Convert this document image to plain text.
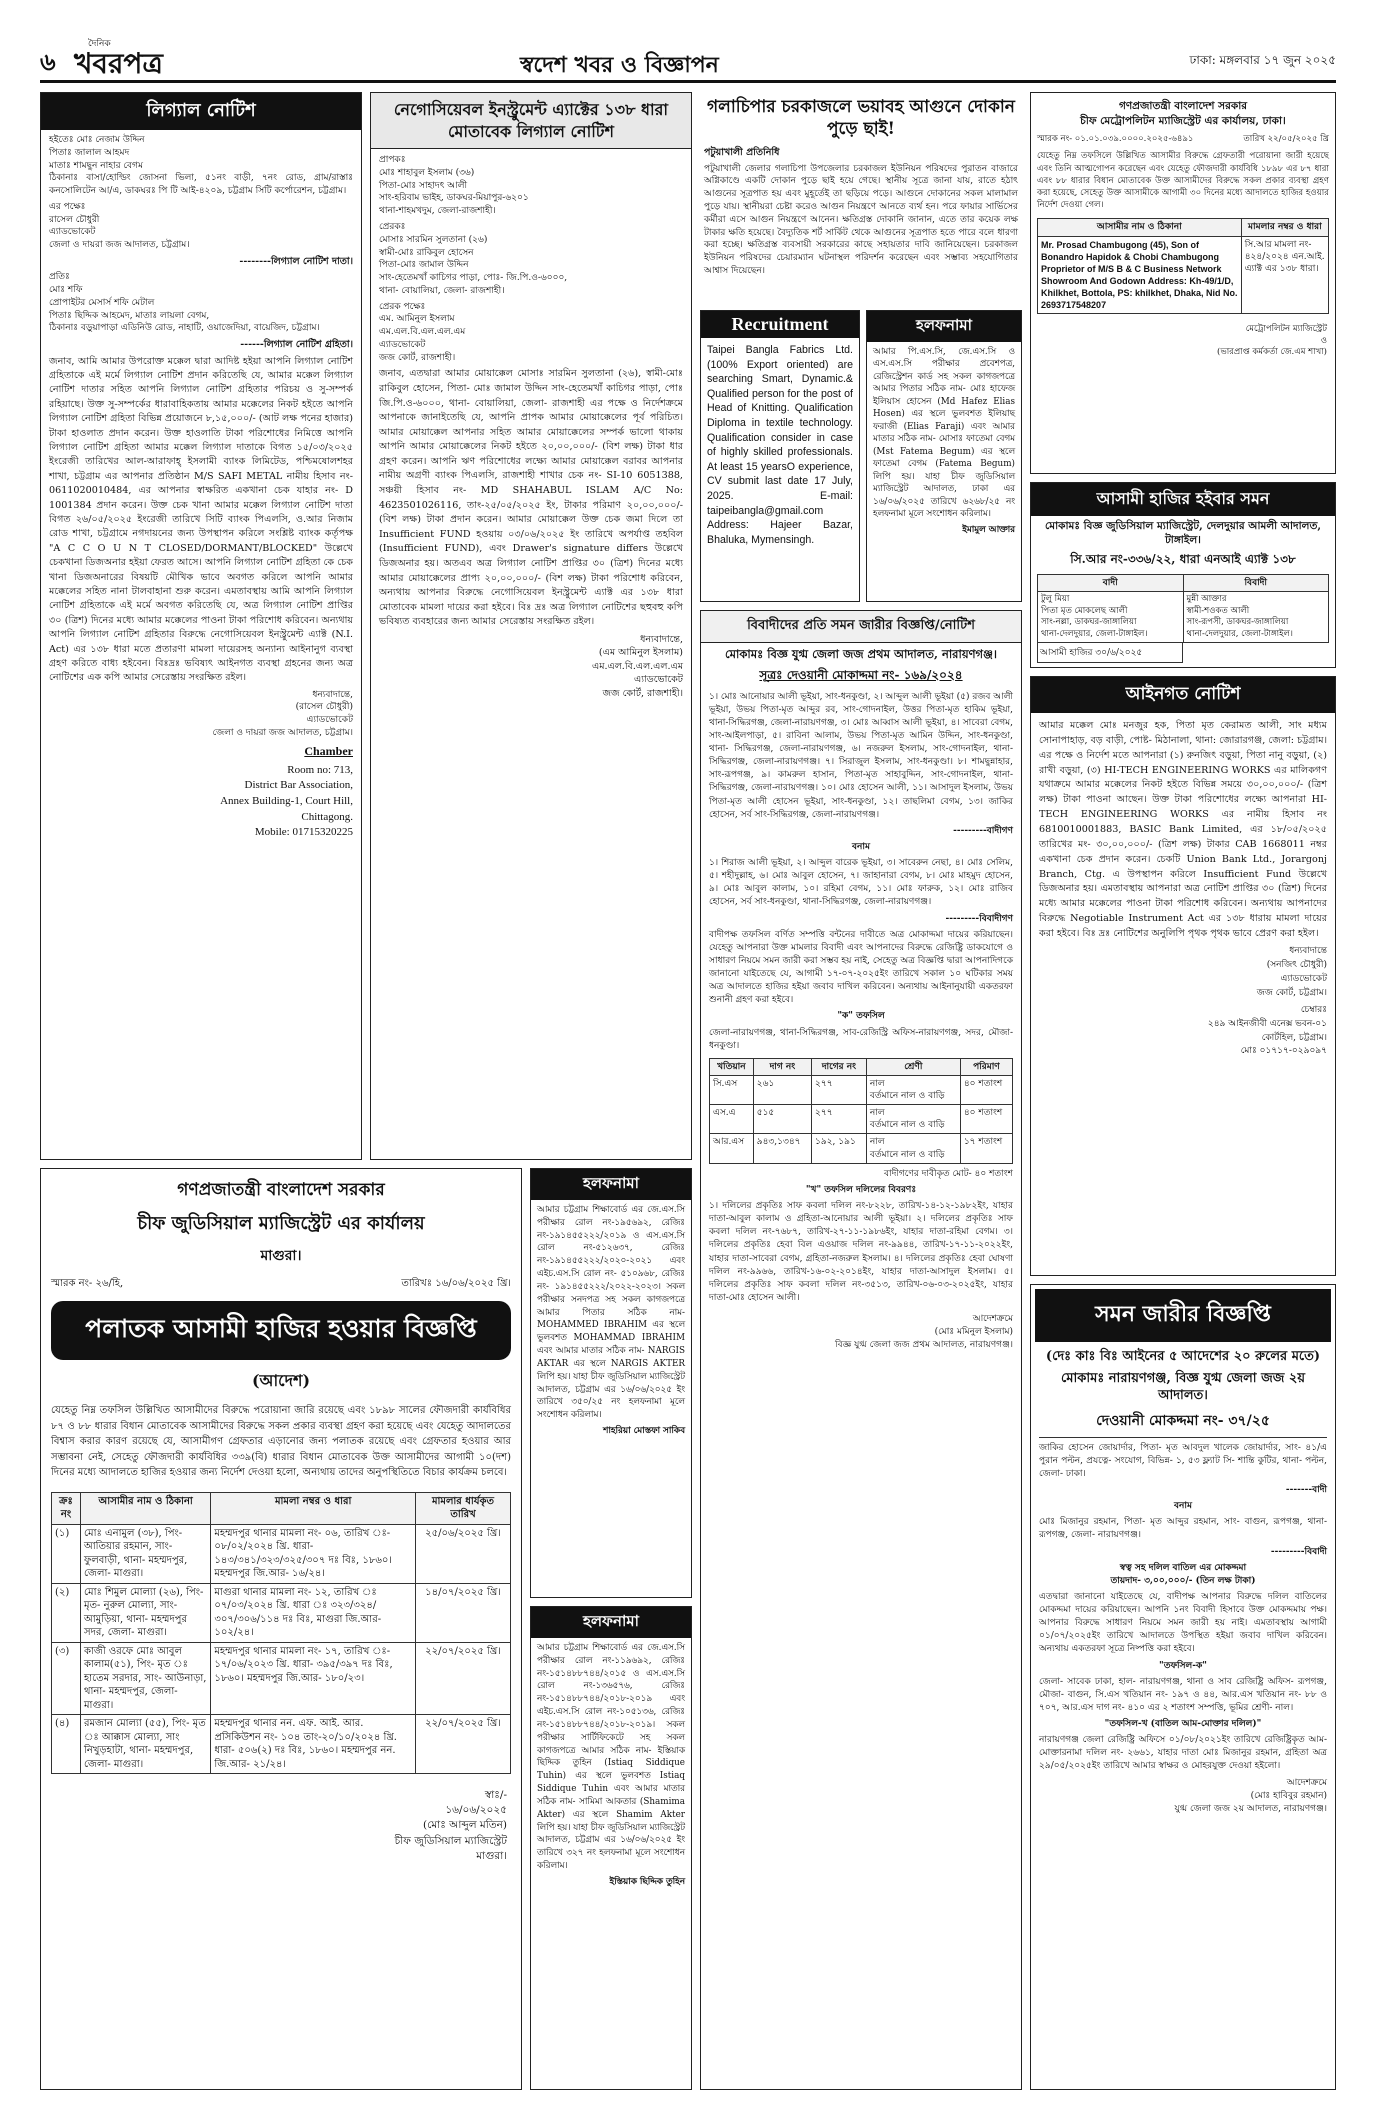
৬
দৈনিক
খবরপত্র	স্বদেশ খবর ও বিজ্ঞাপন	ঢাকা: মঙ্গলবার ১৭ জুন ২০২৫
লিগ্যাল নোটিশ

হইতেঃ মোঃ নেজাম উদ্দিন
পিতাঃ জালাল আহমদ
মাতাঃ শামছুন নাহার বেগম
ঠিকানাঃ বাসা/হোল্ডিং জোসনা ভিলা, ৫১নং বাড়ী, ৭নং রোড, গ্রাম/রাস্তাঃ কনসোলিটেন আ/এ, ডাকঘরঃ পি টি আই-৪২০৯, চট্টগ্রাম সিটি কর্পোরেশন, চট্টগ্রাম।

এর পক্ষেঃ
রাসেল চৌধুরী
এ্যাডভোকেট
জেলা ও দায়রা জজ আদালত, চট্টগ্রাম।

--------লিগ্যাল নোটিশ দাতা।

প্রতিঃ
মোঃ শফি
প্রোপাইটর মেসার্স শফি মেটাল
পিতাঃ ছিদ্দিক আহমেদ, মাতাঃ লায়লা বেগম,
ঠিকানাঃ বড়ুয়াপাড়া এডিনিউ রোড, নাহাটি, ওয়াজেদিয়া, বায়েজিদ, চট্টগ্রাম।

------লিগ্যাল নোটিশ গ্রহিতা।

জনাব, আমি আমার উপরোক্ত মক্কেল দ্বারা আদিষ্ট হইয়া আপনি লিগ্যাল নোটিশ গ্রহিতাকে এই মর্মে লিগ্যাল নোটিশ প্রদান করিতেছি যে, আমার মক্কেল লিগ্যাল নোটিশ দাতার সহিত আপনি লিগ্যাল নোটিশ গ্রহিতার পরিচয় ও সু-সম্পর্ক রহিয়াছে। উক্ত সু-সম্পর্কের ধারাবাহিকতায় আমার মক্কেলের নিকট হইতে আপনি লিগ্যাল নোটিশ গ্রহিতা বিভিন্ন প্রয়োজনে ৮,১৫,০০০/- (আট লক্ষ পনের হাজার) টাকা হাওলাত প্রদান করেন। উক্ত হাওলাতি টাকা পরিশোধের নিমিত্তে আপনি লিগ্যাল নোটিশ গ্রহিতা আমার মক্কেল লিগ্যাল দাতাকে বিগত ১৫/০৩/২০২৫ ইংরেজী তারিখের আল-আরাফাহ্ ইসলামী ব্যাংক লিমিটেড, পশ্চিমষোলশহর শাখা, চট্টগ্রাম এর আপনার প্রতিষ্ঠান M/S SAFI METAL নামীয় হিসাব নং- 0611020010484, এর আপনার স্বাক্ষরিত একখানা চেক যাহার নং- D 1001384 প্রদান করেন। উক্ত চেক খানা আমার মক্কেল লিগ্যাল নোটিশ দাতা বিগত ২৬/০৫/২০২৫ ইংরেজী তারিখে সিটি ব্যাংক পিএলসি, ও.আর নিজাম রোড শাখা, চট্টগ্রামে নগদায়নের জন্য উপস্থাপন করিলে সংশ্লিষ্ট ব্যাংক কর্তৃপক্ষ "A C C O U N T CLOSED/DORMANT/BLOCKED" উল্লেখে চেকখানা ডিজঅনার হইয়া ফেরত আসে। আপনি লিগ্যাল নোটিশ গ্রহিতা কে চেক খানা ডিজঅনারের বিষয়টি মৌখিক ভাবে অবগত করিলে আপনি আমার মক্কেলের সহিত নানা টালবাহানা শুরু করেন। এমতাবস্থায় আমি আপনি লিগ্যাল নোটিশ গ্রহিতাকে এই মর্মে অবগত করিতেছি যে, অত্র লিগ্যাল নোটিশ প্রাপ্তির ৩০ (ত্রিশ) দিনের মধ্যে আমার মক্কেলের পাওনা টাকা পরিশোধ করিবেন। অন্যথায় আপনি লিগ্যাল নোটিশ গ্রহিতার বিরুদ্ধে নেগোসিয়েবল ইনস্ট্রুমেন্ট এ্যাক্ট (N.I. Act) এর ১৩৮ ধারা মতে প্রতারণা মামলা দায়েরসহ অন্যান্য আইনানুগ ব্যবস্থা গ্রহণ করিতে বাধ্য হইবেন। বিঃদ্রঃ ভবিষ্যৎ আইনগত ব্যবস্থা গ্রহনের জন্য অত্র নোটিশের এক কপি আমার সেরেস্তায় সংরক্ষিত রইল।

ধন্যবাদান্তে,
(রাসেল চৌধুরী)
এ্যাডভোকেট
জেলা ও দায়রা জজ আদালত, চট্টগ্রাম।

Chamber

Room no: 713,
District Bar Association,
Annex Building-1, Court Hill,
Chittagong.
Mobile: 01715320225

নেগোসিয়েবল ইনস্ট্রুমেন্ট এ্যাক্টের ১৩৮ ধারা মোতাবেক লিগ্যাল নোটিশ

প্রাপকঃ
মোঃ শাহাবুল ইসলাম (৩৬)
পিতা-মোঃ সাহাদৎ আলী
সাং-হরিবাম ভাইহ, ডাকঘর-মিয়াপুর-৬২০১
থানা-শাহমখদুম, জেলা-রাজশাহী।

প্রেরকঃ
মোসাঃ সারমিন সুলতানা (২৬)
স্বামী-মোঃ রাকিবুল হোসেন
পিতা-মোঃ জামাল উদ্দিন
সাং-হেতেমখাঁ কাচিগর পাড়া, পোঃ- জি.পি.ও-৬০০০,
থানা- বোয়ালিয়া, জেলা- রাজশাহী।

প্রেরক পক্ষেঃ
এম. আমিনুল ইসলাম
এম.এল.বি.এল.এল.এম
এ্যাডভোকেট
জজ কোর্ট, রাজশাহী।

জনাব, এতদ্বারা আমার মোয়াক্কেল মোসাঃ সারমিন সুলতানা (২৬), স্বামী-মোঃ রাকিবুল হোসেন, পিতা- মোঃ জামাল উদ্দিন সাং-হেতেমখাঁ কাচিগর পাড়া, পোঃ জি.পি.ও-৬০০০, থানা- বোয়ালিয়া, জেলা- রাজশাহী এর পক্ষে ও নির্দেশক্রমে আপনাকে জানাইতেছি যে, আপনি প্রাপক আমার মোয়াক্কেলের পূর্ব পরিচিত। আমার মোয়াক্কেল আপনার সহিত আমার মোয়াক্কেলের সম্পর্ক ভালো থাকায় আপনি আমার মোয়াক্কেলের নিকট হইতে ২০,০০,০০০/- (বিশ লক্ষ) টাকা ধার গ্রহণ করেন। আপনি ঋণ পরিশোধের লক্ষ্যে আমার মোয়াক্কেল বরাবর আপনার নামীয় অগ্রণী ব্যাংক পিএলসি, রাজশাহী শাখার চেক নং- SI-10 6051388, সঞ্চয়ী হিসাব নং- MD SHAHABUL ISLAM A/C No: 4623501026116, তাং-২৫/০৫/২০২৫ ইং, টাকার পরিমাণ ২০,০০,০০০/- (বিশ লক্ষ) টাকা প্রদান করেন। আমার মোয়াক্কেল উক্ত চেক জমা দিলে তা Insufficient FUND হওয়ায় ০৩/০৬/২০২৫ ইং তারিখে অপর্যাপ্ত তহবিল (Insufficient FUND), এবং Drawer's signature differs উল্লেখে ডিজঅনার হয়। অতএব অত্র লিগ্যাল নোটিশ প্রাপ্তির ৩০ (ত্রিশ) দিনের মধ্যে আমার মোয়াক্কেলের প্রাপ্য ২০,০০,০০০/- (বিশ লক্ষ) টাকা পরিশোধ করিবেন, অন্যথায় আপনার বিরুদ্ধে নেগোসিয়েবল ইনস্ট্রুমেন্ট এ্যাক্ট এর ১৩৮ ধারা মোতাবেক মামলা দায়ের করা হইবে। বিঃ দ্রঃ অত্র লিগ্যাল নোটিশের ছহুবহু কপি ভবিষ্যত ব্যবহারের জন্য আমার সেরেস্তায় সংরক্ষিত রইল।

ধন্যবাদান্তে,
(এম আমিনুল ইসলাম)
এম.এল.বি.এল.এল.এম
এ্যাডভোকেট
জজ কোর্ট, রাজশাহী।

গলাচিপার চরকাজলে ভয়াবহ আগুনে দোকান পুড়ে ছাই!

পটুয়াখালী প্রতিনিধি

পটুয়াখালী জেলার গলাচিপা উপজেলার চরকাজল ইউনিয়ন পরিষদের পুরাতন বাজারে অগ্নিকাণ্ডে একটি দোকান পুড়ে ছাই হয়ে গেছে। স্থানীয় সূত্রে জানা যায়, রাতে হঠাৎ আগুনের সূত্রপাত হয় এবং মুহূর্তেই তা ছড়িয়ে পড়ে। আগুনে দোকানের সকল মালামাল পুড়ে যায়। স্থানীয়রা চেষ্টা করেও আগুন নিয়ন্ত্রণে আনতে ব্যর্থ হন। পরে ফায়ার সার্ভিসের কর্মীরা এসে আগুন নিয়ন্ত্রণে আনেন। ক্ষতিগ্রস্ত দোকানি জানান, এতে তার কয়েক লক্ষ টাকার ক্ষতি হয়েছে। বৈদ্যুতিক শর্ট সার্কিট থেকে আগুনের সূত্রপাত হতে পারে বলে ধারণা করা হচ্ছে। ক্ষতিগ্রস্ত ব্যবসায়ী সরকারের কাছে সহায়তার দাবি জানিয়েছেন। চরকাজল ইউনিয়ন পরিষদের চেয়ারম্যান ঘটনাস্থল পরিদর্শন করেছেন এবং সম্ভাব্য সহযোগিতার আশ্বাস দিয়েছেন।

Recruitment
Taipei Bangla Fabrics Ltd. (100% Export oriented) are searching Smart, Dynamic.& Qualified person for the post of Head of Knitting. Qualification Diploma in textile technology. Qualification consider in case of highly skilled professionals. At least 15 yearsO experience, CV submit last date 17 July, 2025. E-mail: taipeibangla@gmail.com Address: Hajeer Bazar, Bhaluka, Mymensingh.
হলফনামা

আমার পি.এস.সি, জে.এস.সি ও এস.এস.সি পরীক্ষার প্রবেশপত্র, রেজিস্ট্রেশন কার্ড সহ সকল কাগজপত্রে আমার পিতার সঠিক নাম- মোঃ হাফেজ ইলিয়াস হোসেন (Md Hafez Elias Hosen) এর স্থলে ভুলবশত ইলিয়াছ ফরাজী (Elias Faraji) এবং আমার মাতার সঠিক নাম- মোসাঃ ফাতেমা বেগম (Mst Fatema Begum) এর স্থলে ফাতেমা বেগম (Fatema Begum) লিপি হয়। যাহা চীফ জুডিসিয়াল ম্যাজিস্ট্রেট আদালত, ঢাকা এর ১৬/০৬/২০২৫ তারিখে ৬২৬৮/২৫ নং হলফনামা মূলে সংশোধন করিলাম।

ইমামুল আক্তার

বিবাদীদের প্রতি সমন জারীর বিজ্ঞপ্তি/নোটিশ
মোকামঃ বিজ্ঞ যুগ্ম জেলা জজ প্রথম আদালত, নারায়ণগঞ্জ।
সূত্রঃ দেওয়ানী মোকাদ্দমা নং- ১৬৯/২০২৪

১। মোঃ আনোয়ার আলী ভূইয়া, সাং-ধনকুণ্ডা, ২। আব্দুল আলী ভূইয়া (৫) রজব আলী ভূইয়া, উভয় পিতা-মৃত আব্দুর রব, সাং-গোদনাইল, উত্তর পিতা-মৃত হাকিম ভূইয়া, থানা-সিদ্ধিরগঞ্জ, জেলা-নারায়ণগঞ্জ, ৩। মোঃ আব্বাস আলী ভূইয়া, ৪। সাবেরা বেগম, সাং-আইলপাড়া, ৫। রাবিনা আলাম, উভয় পিতা-মৃত আমিন উদ্দিন, সাং-ধনকুণ্ডা, থানা- সিদ্ধিরগঞ্জ, জেলা-নারায়ণগঞ্জ, ৬। নজরুল ইসলাম, সাং-গোদনাইল, থানা-সিদ্ধিরগঞ্জ, জেলা-নারায়ণগঞ্জ। ৭। সিরাজুল ইসলাম, সাং-ধনকুণ্ডা। ৮। শামছুন্নাহার, সাং-রূপগঞ্জ, ৯। কামরুল হাসান, পিতা-মৃত সাহাবুদ্দিন, সাং-গোদনাইল, থানা-সিদ্ধিরগঞ্জ, জেলা-নারায়ণগঞ্জ। ১০। মোঃ হোসেন আলী, ১১। আসাদুল ইসলাম, উভয় পিতা-মৃত আলী হোসেন ভূইয়া, সাং-ধনকুণ্ডা, ১২। তাছলিমা বেগম, ১৩। জাকির হোসেন, সর্ব সাং-সিদ্ধিরগঞ্জ, জেলা-নারায়ণগঞ্জ।

---------বাদীগণ

বনাম

১। শিরাজ আলী ভূইয়া, ২। আব্দুল বারেক ভূইয়া, ৩। সাবেরুন নেছা, ৪। মোঃ সেলিম, ৫। শহীদুল্লাহ, ৬। মোঃ আবুল হোসেন, ৭। জাহানারা বেগম, ৮। মোঃ মাহমুদ হোসেন, ৯। মোঃ আবুল কালাম, ১০। রহিমা বেগম, ১১। মোঃ ফারুক, ১২। মোঃ রাজিব হোসেন, সর্ব সাং-ধনকুণ্ডা, থানা-সিদ্ধিরগঞ্জ, জেলা-নারায়ণগঞ্জ।

---------বিবাদীগণ

বাদীপক্ষ তফসিল বর্ণিত সম্পত্তি বন্টনের দাবীতে অত্র মোকাদ্দমা দায়ের করিয়াছেন। যেহেতু আপনারা উক্ত মামলার বিবাদী এবং আপনাদের বিরুদ্ধে রেজিষ্ট্রি ডাকযোগে ও সাধারণ নিয়মে সমন জারী করা সম্ভব হয় নাই, সেহেতু অত্র বিজ্ঞপ্তি দ্বারা আপনাদিগকে জানানো যাইতেছে যে, আগামী ১৭-০৭-২০২৫ইং তারিখে সকাল ১০ ঘটিকার সময় অত্র আদালতে হাজির হইয়া জবাব দাখিল করিবেন। অন্যথায় আইনানুযায়ী একতরফা শুনানী গ্রহণ করা হইবে।

"ক" তফসিল

জেলা-নারায়ণগঞ্জ, থানা-সিদ্ধিরগঞ্জ, সাব-রেজিস্ট্রি অফিস-নারায়ণগঞ্জ, সদর, মৌজা-ধনকুণ্ডা।

খতিয়ান	দাগ নং	দাগের নং	শ্রেণী	পরিমাণ
সি.এস	২৬১	২৭৭	নাল
বর্তমানে নাল ও বাড়ি	৪০ শতাংশ
এস.এ	৫১৫	২৭৭	নাল
বর্তমানে নাল ও বাড়ি	৪০ শতাংশ
আর.এস	৯৪৩,১৩৪৭	১৯২, ১৯১	নাল
বর্তমানে নাল ও বাড়ি	১৭ শতাংশ

বাদীগণের দাবীকৃত মোট- ৪০ শতাংশ

"খ" তফসিল দলিলের বিবরণঃ

১। দলিলের প্রকৃতিঃ সাফ কবলা দলিল নং-৮২২৮, তারিখ-১৪-১২-১৯৮২ইং, যাহার দাতা-আবুল কালাম ও গ্রহিতা-আনোয়ার আলী ভূইয়া। ২। দলিলের প্রকৃতিঃ সাফ কবলা দলিল নং-৭৬৮৭, তারিখ-২৭-১১-১৯৮৬ইং, যাহার দাতা-রহিমা বেগম। ৩। দলিলের প্রকৃতিঃ হেবা বিল এওয়াজ দলিল নং-৯৯৪৪, তারিখ-১৭-১১-২০২২ইং, যাহার দাতা-সাবেরা বেগম, গ্রহিতা-নজরুল ইসলাম। ৪। দলিলের প্রকৃতিঃ হেবা ঘোষণা দলিল নং-৯৯৬৬, তারিখ-১৬-০২-২০১৪ইং, যাহার দাতা-আসাদুল ইসলাম। ৫। দলিলের প্রকৃতিঃ সাফ কবলা দলিল নং-৩৫১৩, তারিখ-০৬-০৩-২০২৫ইং, যাহার দাতা-মোঃ হোসেন আলী।

আদেশক্রমে
(মোঃ মমিনুল ইসলাম)
বিজ্ঞ যুগ্ম জেলা জজ প্রথম আদালত, নারায়ণগঞ্জ।

গণপ্রজাতন্ত্রী বাংলাদেশ সরকার
চীফ মেট্রোপলিটন ম্যাজিস্ট্রেট এর কার্যালয়, ঢাকা।
স্মারক নং- ০১.০১.০৩৯.০০০০.২০২৫-৬৪৯১	তারিখ ২২/০৫/২০২৫ খ্রি

যেহেতু নিম্ন তফসিলে উল্লিখিত আসামীর বিরুদ্ধে গ্রেফতারী পরোয়ানা জারী হয়েছে এবং তিনি আত্মগোপন করেছেন এবং যেহেতু ফৌজদারী কার্যবিধি ১৮৯৮ এর ৮৭ ধারা এবং ৮৮ ধারার বিধান মোতাবেক উক্ত আসামীদের বিরুদ্ধে সকল প্রকার ব্যবস্থা গ্রহণ করা হয়েছে, সেহেতু উক্ত আসামীকে আগামী ৩০ দিনের মধ্যে আদালতে হাজির হওয়ার নির্দেশ দেওয়া গেল।

আসামীর নাম ও ঠিকানা	মামলার নম্বর ও ধারা
Mr. Prosad Chambugong (45), Son of Bonandro Hapidok & Chobi Chambugong Proprietor of M/S B & C Business Network Showroom And Godown Address: Kh-49/1/D, Khilkhet, Bottola, PS: khilkhet, Dhaka, Nid No. 2693717548207	সি.আর মামলা নং- ৪২৪/২০২৪ এন.আই. এ্যাক্ট এর ১৩৮ ধারা।
মেট্রোপলিটন ম্যাজিস্ট্রেট
ও
(ভারপ্রাপ্ত কর্মকর্তা জে.এম শাখা)
আসামী হাজির হইবার সমন
মোকামঃ বিজ্ঞ জুডিসিয়াল ম্যাজিস্ট্রেট, দেলদুয়ার আমলী আদালত, টাঙ্গাইল।
সি.আর নং-৩৩৬/২২, ধারা এনআই এ্যাক্ট ১৩৮
বাদী	বিবাদী
টুলু মিয়া
পিতা মৃত মোকলেছ আলী
সাং-নল্লা, ডাকঘর-জাঙ্গালিয়া
থানা-দেলদুয়ার, জেলা-টাঙ্গাইল।	মুন্নী আক্তার
স্বামী-শওকত আলী
সাং-রূপসী, ডাকঘর-জাঙ্গালিয়া
থানা-দেলদুয়ার, জেলা-টাঙ্গাইল।
আসামী হাজির ৩০/৬/২০২৫
আইনগত নোটিশ

আমার মক্কেল মোঃ মনজুর হক, পিতা মৃত কেরামত আলী, সাং মধ্যম সোনাপাহাড়, বড় বাড়ী, পোষ্ট- মিঠানালা, থানা: জোরারগঞ্জ, জেলা: চট্টগ্রাম। এর পক্ষে ও নির্দেশ মতে আপনারা (১) রুনজিৎ বড়ুয়া, পিতা নানু বড়ুয়া, (২) রাখী বড়ুয়া, (৩) HI-TECH ENGINEERING WORKS এর মালিকগণ যথাক্রমে আমার মক্কেলের নিকট হইতে বিভিন্ন সময়ে ৩০,০০,০০০/- (ত্রিশ লক্ষ) টাকা পাওনা আছেন। উক্ত টাকা পরিশোধের লক্ষ্যে আপনারা HI-TECH ENGINEERING WORKS এর নামীয় হিসাব নং 6810010001883, BASIC Bank Limited, এর ১৮/০৫/২০২৫ তারিখের মং- ৩০,০০,০০০/- (ত্রিশ লক্ষ) টাকার CAB 1668011 নম্বর একখানা চেক প্রদান করেন। চেকটি Union Bank Ltd., Jorargonj Branch, Ctg. এ উপস্থাপন করিলে Insufficient Fund উল্লেখে ডিজঅনার হয়। এমতাবস্থায় আপনারা অত্র নোটিশ প্রাপ্তির ৩০ (ত্রিশ) দিনের মধ্যে আমার মক্কেলের পাওনা টাকা পরিশোধ করিবেন। অন্যথায় আপনাদের বিরুদ্ধে Negotiable Instrument Act এর ১৩৮ ধারায় মামলা দায়ের করা হইবে। বিঃ দ্রঃ নোটিশের অনুলিপি পৃথক পৃথক ভাবে প্রেরণ করা হইল।

ধন্যবাদান্তে
(সনজিৎ চৌধুরী)
এ্যাডভোকেট
জজ কোর্ট, চট্টগ্রাম।

চেম্বারঃ
২৪৯ আইনজীবী এনেক্স ভবন-০১
কোর্টহিল, চট্টগ্রাম।
মোঃ ০১৭১৭-০২৯০৯৭

সমন জারীর বিজ্ঞপ্তি
(দেঃ কাঃ বিঃ আইনের ৫ আদেশের ২০ রুলের মতে)
মোকামঃ নারায়ণগঞ্জ, বিজ্ঞ যুগ্ম জেলা জজ ২য় আদালত।
দেওয়ানী মোকদ্দমা নং- ৩৭/২৫

জাকির হোসেন জোয়ার্দার, পিতা- মৃত আবদুল খালেক জোয়ার্দার, সাং- ৪১/এ পুরান পল্টন, প্রযত্নে- সংযোগ, বিভিন্ন- ১, ৫৩ ফ্ল্যাট সি- শান্তি কুটির, থানা- পল্টন, জেলা- ঢাকা।

-------বাদী

বনাম

মোঃ মিজানুর রহমান, পিতা- মৃত আব্দুর রহমান, সাং- বাগুন, রূপগঞ্জ, থানা- রূপগঞ্জ, জেলা- নারায়ণগঞ্জ।

---------বিবাদী

স্বত্ব সহ দলিল বাতিল এর মোকদ্দমা
তায়দাদ- ৩,০০,০০০/- (তিন লক্ষ টাকা)

এতদ্বারা জানানো যাইতেছে যে, বাদীপক্ষ আপনার বিরুদ্ধে দলিল বাতিলের মোকদ্দমা দায়ের করিয়াছেন। আপনি ১নং বিবাদী হিসাবে উক্ত মোকদ্দমায় পক্ষ। আপনার বিরুদ্ধে সাধারণ নিয়মে সমন জারী হয় নাই। এমতাবস্থায় আগামী ০১/০৭/২০২৫ইং তারিখে আদালতে উপস্থিত হইয়া জবাব দাখিল করিবেন। অন্যথায় একতরফা সূত্রে নিষ্পত্তি করা হইবে।

"তফসিল-ক"

জেলা- সাবেক ঢাকা, হাল- নারায়ণগঞ্জ, থানা ও সাব রেজিষ্ট্রি অফিস- রূপগঞ্জ, মৌজা- বাগুন, সি.এস খতিয়ান নং- ১৯৭ ও ৪৪, আর.এস খতিয়ান নং- ৮৮ ও ৭০৭, আর.এস দাগ নং- ৪১০ এর ২ শতাংশ সম্পত্তি, ভূমির শ্রেণী- নাল।

"তফসিল-খ (বাতিল আম-মোক্তার দলিল)"

নারায়ণগঞ্জ জেলা রেজিষ্ট্রি অফিসে ০১/০৮/২০২১ইং তারিখে রেজিষ্ট্রিকৃত আম-মোক্তারনামা দলিল নং- ২৬৬১, যাহার দাতা মোঃ মিজানুর রহমান, গ্রহিতা অত্র ২৯/০৫/২০২৫ইং তারিখে আমার স্বাক্ষর ও মোহরযুক্ত দেওয়া হইলো।

আদেশক্রমে
(মোঃ হাবিবুর রহমান)
যুগ্ম জেলা জজ ২য় আদালত, নারায়ণগঞ্জ।

গণপ্রজাতন্ত্রী বাংলাদেশ সরকার
চীফ জুডিসিয়াল ম্যাজিস্ট্রেট এর কার্যালয়
মাগুরা।
স্মারক নং- ২৬/হি,	তারিখঃ ১৬/০৬/২০২৫ খ্রি।
পলাতক আসামী হাজির হওয়ার বিজ্ঞপ্তি
(আদেশ)

যেহেতু নিম্ন তফসিল উল্লিখিত আসামীদের বিরুদ্ধে পরোয়ানা জারি রয়েছে এবং ১৮৯৮ সালের ফৌজদারী কার্যবিধির ৮৭ ও ৮৮ ধারার বিধান মোতাবেক আসামীদের বিরুদ্ধে সকল প্রকার ব্যবস্থা গ্রহণ করা হয়েছে এবং যেহেতু আদালতের বিশ্বাস করার কারণ রয়েছে যে, আসামীগণ গ্রেফতার এড়ানোর জন্য পলাতক রয়েছে এবং গ্রেফতার হওয়ার আর সম্ভাবনা নেই, সেহেতু ফৌজদারী কার্যবিধির ৩৩৯(বি) ধারার বিধান মোতাবেক উক্ত আসামীদের আগামী ১০(দশ) দিনের মধ্যে আদালতে হাজির হওয়ার জন্য নির্দেশ দেওয়া হলো, অন্যথায় তাদের অনুপস্থিতিতে বিচার কার্যক্রম চলবে।

ক্রঃ নং	আসামীর নাম ও ঠিকানা	মামলা নম্বর ও ধারা	মামলার ধার্যকৃত তারিখ
(১)	মোঃ এনামুল (৩৮), পিং- আতিয়ার রহমান, সাং-ফুলবাড়ী, থানা- মহম্মদপুর, জেলা- মাগুরা।	মহম্মদপুর থানার মামলা নং- ০৬, তারিখ ঃ- ০৮/০২/২০২৪ খ্রি. ধারা- ১৪৩/৩৪১/৩২৩/৩২৫/৩০৭ দঃ বিঃ, ১৮৬০। মহম্মদপুর জি.আর- ১৬/২৪।	২৫/০৬/২০২৫ খ্রি।
(২)	মোঃ শিমুল মোল্যা (২৬), পিং- মৃত- নুরুল মোল্যা, সাং- আমুড়িয়া, থানা- মহম্মদপুর সদর, জেলা- মাগুরা।	মাগুরা থানার মামলা নং- ১২, তারিখ ঃ ০৭/০৩/২০২৪ খ্রি. ধারা ঃ ৩২৩/৩২৪/ ৩০৭/৩০৬/১১৪ দঃ বিঃ, মাগুরা জি.আর- ১০২/২৪।	১৪/০৭/২০২৫ খ্রি।
(৩)	কাজী ওরফে মোঃ আবুল কালাম(৫১), পিং- মৃত ঃ হাতেম সরদার, সাং- আউনাড়া, থানা- মহম্মদপুর, জেলা- মাগুরা।	মহম্মদপুর থানার মামলা নং- ১৭, তারিখ ঃ- ১৭/০৬/২০২৩ খ্রি. ধারা- ৩৯৫/৩৯৭ দঃ বিঃ, ১৮৬০। মহম্মদপুর জি.আর- ১৮০/২৩।	২২/০৭/২০২৫ খ্রি।
(৪)	রমজান মোল্যা (৫৫), পিং- মৃত ঃ আক্কাস মোল্যা, সাং নিখুড়হাটা, থানা- মহম্মদপুর, জেলা- মাগুরা।	মহম্মদপুর থানার নন. এফ. আই. আর. প্রসিকিউশন নং- ১০৪ তাং-২০/১০/২০২৪ খ্রি. ধারা- ৫০৬(২) দঃ বিঃ, ১৮৬০। মহম্মদপুর নন. জি.আর- ২১/২৪।	২২/০৭/২০২৫ খ্রি।
স্বাঃ/-
১৬/০৬/২০২৫
(মোঃ আব্দুল মতিন)
চীফ জুডিসিয়াল ম্যাজিস্ট্রেট
মাগুরা।
হলফনামা

আমার চট্টগ্রাম শিক্ষাবোর্ড এর জে.এস.সি পরীক্ষার রোল নং-১৯৫৬৯২, রেজিঃ নং-১৯১৪৫৫২২২/২০১৯ ও এস.এস.সি রোল নং-৫১২৬৩৭, রেজিঃ নং-১৯১৪৫৫২২২/২০২০-২০২১ এবং এইচ.এস.সি রোল নং- ৫১০৯৬৮, রেজিঃ নং- ১৯১৪৫৫২২২/২০২২-২০২৩। সকল পরীক্ষার সনদপত্র সহ সকল কাগজপত্রে আমার পিতার সঠিক নাম- MOHAMMED IBRAHIM এর স্থলে ভুলবশত MOHAMMAD IBRAHIM এবং আমার মাতার সঠিক নাম- NARGIS AKTAR এর স্থলে NARGIS AKTER লিপি হয়। যাহা চীফ জুডিসিয়াল ম্যাজিস্ট্রেট আদালত, চট্টগ্রাম এর ১৬/০৬/২০২৫ ইং তারিখে ৩৫০/২৫ নং হলফনামা মূলে সংশোধন করিলাম।

শাহরিয়া মোস্তফা সাকিব

হলফনামা

আমার চট্টগ্রাম শিক্ষাবোর্ড এর জে.এস.সি পরীক্ষার রোল নং-১১৯৬৯২, রেজিঃ নং-১৫১৪৮৮৭৪৪/২০১৫ ও এস.এস.সি রোল নং-১৩৬৫৭৬, রেজিঃ নং-১৫১৪৮৮৭৪৪/২০১৮-২০১৯ এবং এইচ.এস.সি রোল নং-১০৫১৩৬, রেজিঃ নং-১৫১৪৮৮৭৪৪/২০১৮-২০১৯। সকল পরীক্ষার সার্টিফিকেটে সহ সকল কাগজপত্রে আমার সঠিক নাম- ইস্তিয়াক ছিদ্দিক তুহিন (Istiaq Siddique Tuhin) এর স্থলে ভুলবশত Istiaq Siddique Tuhin এবং আমার মাতার সঠিক নাম- সামিমা আকতার (Shamima Akter) এর স্থলে Shamim Akter লিপি হয়। যাহা চীফ জুডিসিয়াল ম্যাজিস্ট্রেট আদালত, চট্টগ্রাম এর ১৬/০৬/২০২৫ ইং তারিখে ৩২৭ নং হলফনামা মূলে সংশোধন করিলাম।

ইস্তিয়াক ছিদ্দিক তুহিন
